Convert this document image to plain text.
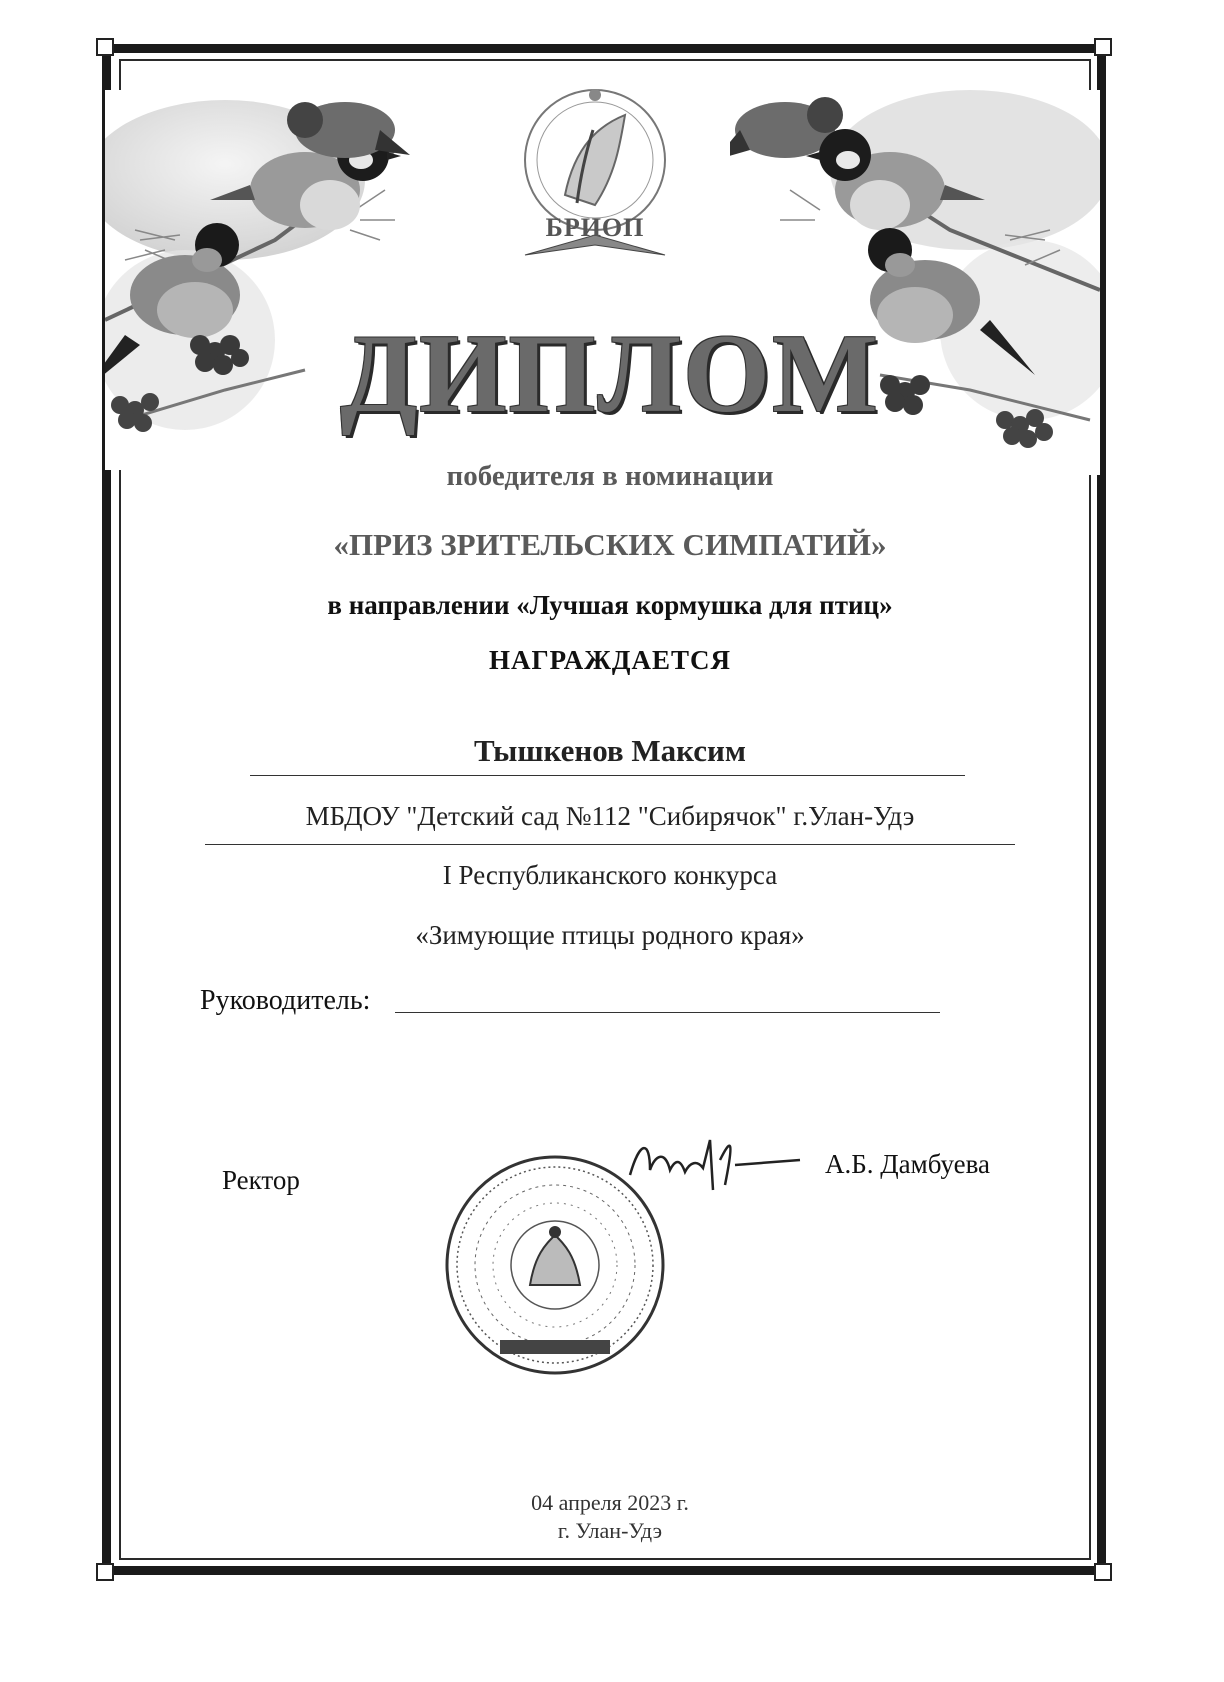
БРИОП
ДИПЛОМ
победителя в номинации
«ПРИЗ ЗРИТЕЛЬСКИХ СИМПАТИЙ»
в направлении «Лучшая кормушка для птиц»
НАГРАЖДАЕТСЯ
Тышкенов Максим
МБДОУ "Детский сад №112 "Сибирячок" г.Улан-Удэ
I Республиканского конкурса
«Зимующие птицы родного края»
Руководитель:
Ректор
А.Б. Дамбуева
04 апреля 2023 г.
г. Улан-Удэ
